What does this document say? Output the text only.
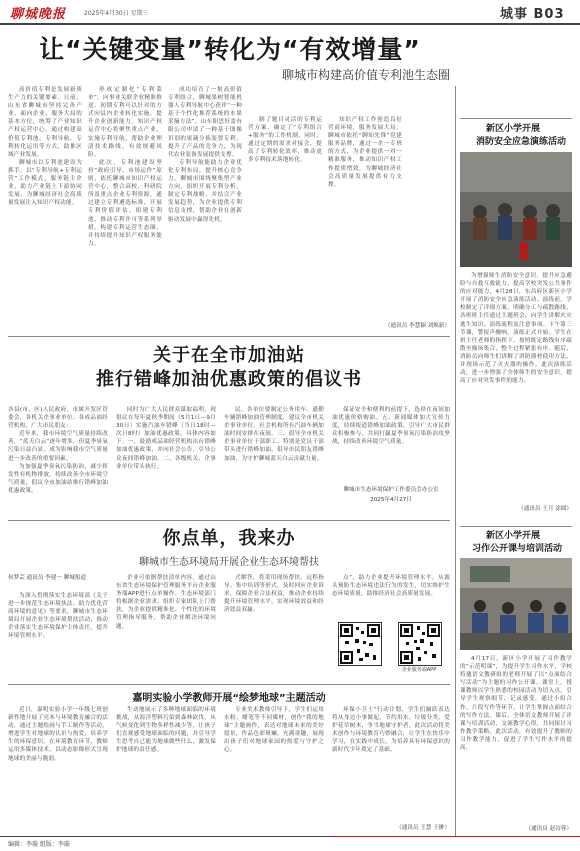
聊城晚报	2025年4月30日 星期三	城事 B03
让“关键变量”转化为“有效增量”
聊城市构建高价值专利池生态圈

高价值专利是发展新质生产力的关键要素。日前，山东省聊城市坚持完善产业、面向企业、服务大局的基本方位，统筹了产业知识产权运营中心，通过构建高价值专利池、专利导航、专利转化运用等方式，助推区域产业发展。

聊城市以专利池建设为抓手，以“专利导航+专利运营”工作模式，服务链主企业，助力产业链上下游协同发展，为聊城经济社会高质量发展注入知识产权动能。

形成定制化“专利菜单”，向事业关联企业精准推送。初期专利可以针对的方式向县内企业转化实施，提升企业创新能力。知识产权运营中心将聚焦重点产业，实施专利导航，帮助企业理清技术路线，有效规避风险。

此次，专利池建设坚持“政府引导、市场运作”原则，依托聊城市知识产权运营中心，整合高校、科研院所及重点企业专利资源，通过建立专利遴选标准、开展专利价值评估、组建专利池、推动专利许可等系列举措，构建专利运营生态圈，并持续提升知识产权服务能力。

成功培育了一批高价值专利组合，聊城果树智能机器人专利导航中心获评“一种基于个性化推荐系统的水果采摘方法”，山东阳思好盖有限公司申请了一种基于图像识别的果蔬分拣装置专利，提升了产品的竞争力，为现代农业装备发展提供支撑。

专利导航能助力企业优化专利布局，提升核心竞争力。聊城市围绕聚集型产业方向，组织开展专利分析、制定专利战略，并结合产业发展趋势，为企业提供专利信息支撑，帮助企业在创新驱动发展中赢得先机。

制了题目灵活的专利运营方案，确定了“专利组合+服务”的工作机制，同时，通过定期的需求对接会，提高了专利转化效率，推动更多专利技术落地转化。

知识产权工作创造良好营商环境，服务发展大局。聊城市依托“聊知先锋”党建服务品牌，通过一企一专班的方式，为企业提供一对一精准服务，推动知识产权工作提质增效，为聊城经济社会高质量发展提供有力支撑。

（通讯员 李慧颖 刘焕新）
新区小学开展
消防安全应急演练活动

为增强师生消防安全意识，提升应急避险与自救互救能力，提高学校突发公共事件的应对能力，4月28日，东昌府区新区小学开展了消防安全应急演练活动。演练前，学校制定了详细方案，明确分工与疏散路线，各班班主任通过主题班会，向学生讲解火灾逃生知识、演练流程及注意事项。下午第三节课，警报声骤响，演练正式开始。学生在班主任老师的指挥下，按照既定路线有序疏散至操场集合，整个过程紧张有序。随后，消防员向师生们讲解了消防器材使用方法，并现场示范了灭火器的操作。此次演练活动，进一步增强了全体师生的安全意识，提高了应对突发事件的能力。

（通讯员 王月 涂圆）
新区小学开展
习作公开课与培训活动

4月17日，新区小学开展了习作教学的“示范明课”，为提升学生习作水平，学校特邀语文教研组的老师开展了以“点面结合写活动”为主题的习作公开课。课堂上，授课教师以学生熟悉的校园活动为切入点，引导学生观察细节、记录感受，通过小组合作、片段写作等环节，让学生掌握点面结合的写作方法。课后，全体语文教师开展了评课与培训活动，交流教学心得，共同探讨习作教学策略。此次活动，有效提升了教师的习作教学能力，促进了学生写作水平的提高。

（通讯员 赵诗蓉）
关于在全市加油站
推行错峰加油优惠政策的倡议书

各县(市、区)人民政府，市属开发区管委会，各机关企事业单位、各成品油经营机构，广大市民朋友：

近年来，我市环境空气质量持续改善，“蓝天白云”逐年增多，但夏季臭氧污染日益凸显，成为影响我市空气质量进一步改善的重要因素。

为加强夏季臭氧污染防治，减少挥发性有机物排放，持续改善全市环境空气质量，倡议全市加油站推行错峰加油优惠政策。

同时为广大人民群众谋取福利，现倡议在每年夏秋季期间（5月1日—9月30日）实施汽油车错峰（当日18时—次日8时）加油优惠政策，具体内容如下：一、鼓励成品油经营机构出台错峰加油优惠政策，并向社会公告，引导公众夜间错峰加油。二、各级机关、企事业单位带头执行。

民，各单位要制定公务用车、通勤车辆错峰加油管理制度，建议全市机关企事业单位、社会机构所有汽油车辆加油时间安排在夜间。三、倡导全市机关企事业单位干部职工、特别是党员干部带头进行错峰加油，倡导市民朋友错峰加油，为守护聊城蓝天白云贡献力量。

保证安全和便利的前提下，选择在夜间加油优惠价格购油。五、新闻媒体加大宣传力度，持续报道错峰加油政策，引导广大市民群众积极参与，共同打赢夏季臭氧污染防治攻坚战，持续改善环境空气质量。

聊城市生态环境保护工作委员会办公室
2025年4月27日
你点单，我来办
聊城市生态环境局开展企业生态环境帮扶
侯梦芸 通讯员 李建一 聊城报道

为深入贯彻落实生态环境部《关于进一步规范生态环境执法、助力优化营商环境的意见》等要求，聊城市生态环境局开展企业生态环境帮扶活动，推动企业落实生态环境保护主体责任，提升环境管理水平。

企业可依据帮扶清单内容，通过山东省生态环境保护管理服务平台企业服务端APP进行点单操作。生态环境部门将根据企业需求，组织专家团队上门帮扶，为企业提供精准化、个性化的环境管理指导服务，帮助企业解决环境问题。

式解答，将采用现场帮扶、远程指导、集中培训等形式，及时回应企业诉求，保障企业合法权益，推动企业持续提升环境管理水平，实现环境效益和经济效益双赢。

点”，助力企业提升环境管理水平，从源头预防生态环境违法行为的发生，切实维护生态环境质量，助推经济社会高质量发展。

企业服务端APP
嘉明实验小学教师开展“绘梦地球”主题活动

近日，嘉明实验小学一年级七班创新性地开展了亮木与环境教育融合的活动，通过主题绘画与手工制作等活动，增进学生对地球的认识与热爱，培养学生的环保意识。在环境教育环节，教师运用多媒体技术，以动态影像形式呈现地球的美丽与脆弱。

生动地展示了多种地球面临的环境挑战，从海洋塑料污染到森林砍伐，从气候变化到生物多样性减少等，让孩子们直观感受地球面临的问题，并引导学生思考自己能为地球做些什么，激发保护地球的责任感。

专业美术教师引导下，学生们运用水粉、蜡笔等不同媒材，创作“我的地球”主题画作，表达对地球未来的美好愿景，作品色彩斑斓，充满童趣，展现出孩子们对地球家园的热爱与守护之心。

环保小卫士“行动计划，学生们踊跃表达将从身边小事做起，节约用水、垃圾分类、爱护花草树木，争当地球守护者。此次活动将美术创作与环境教育巧妙融合，让学生在快乐中学习，在实践中成长，为培养具有环保意识的新时代少年奠定了基础。

（通讯员 王慧 王翀）
编辑：李璇 组版：李璇
